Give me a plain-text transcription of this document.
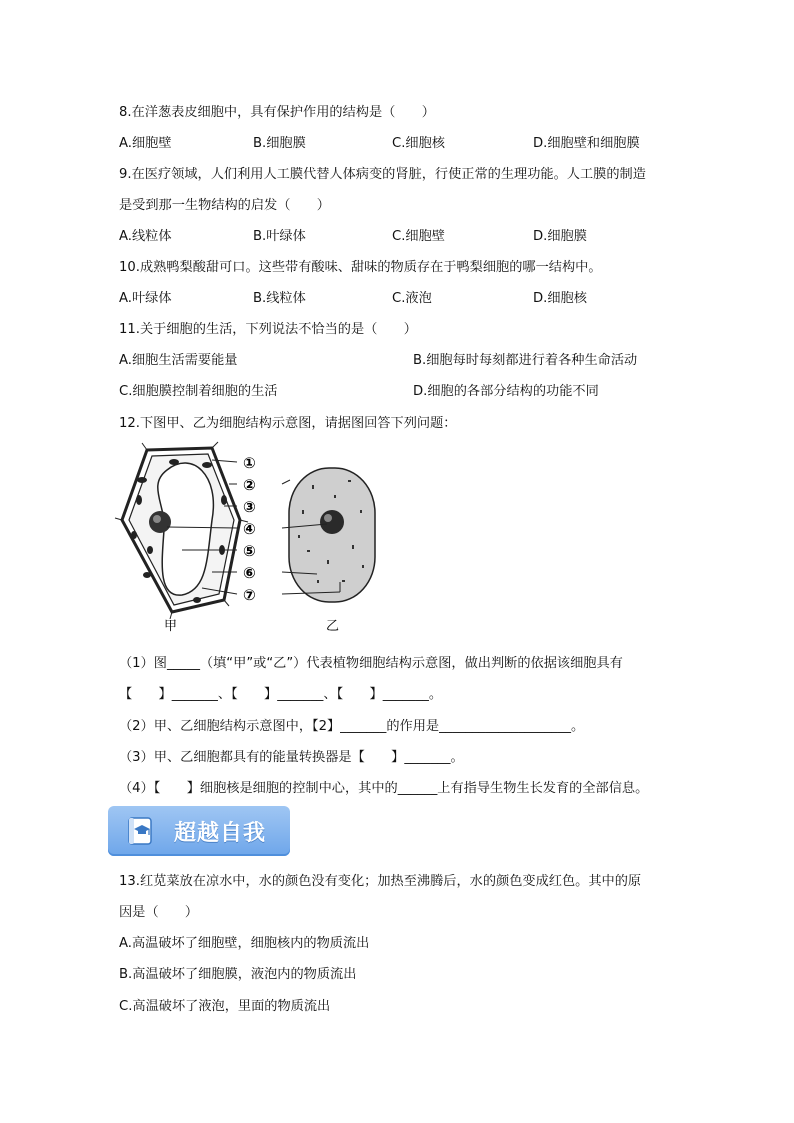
8.在洋葱表皮细胞中，具有保护作用的结构是（　　）
A.细胞壁	B.细胞膜	C.细胞核	D.细胞壁和细胞膜
9.在医疗领域，人们利用人工膜代替人体病变的肾脏，行使正常的生理功能。人工膜的制造
是受到那一生物结构的启发（　　）
A.线粒体	B.叶绿体	C.细胞壁	D.细胞膜
10.成熟鸭梨酸甜可口。这些带有酸味、甜味的物质存在于鸭梨细胞的哪一结构中。
A.叶绿体	B.线粒体	C.液泡	D.细胞核
11.关于细胞的生活，下列说法不恰当的是（　　）
A.细胞生活需要能量	B.细胞每时每刻都进行着各种生命活动
C.细胞膜控制着细胞的生活	D.细胞的各部分结构的功能不同
12.下图甲、乙为细胞结构示意图，请据图回答下列问题：
①
②
③
④
⑤
⑥
⑦
甲	乙
（1）图_____（填“甲”或“乙”）代表植物细胞结构示意图，做出判断的依据该细胞具有
【　　】_______、【　　】_______、【　　】_______。
（2）甲、乙细胞结构示意图中，【2】_______的作用是____________________。
（3）甲、乙细胞都具有的能量转换器是【　　】_______。
（4）【　　】细胞核是细胞的控制中心，其中的______上有指导生物生长发育的全部信息。
超越自我
13.红苋菜放在凉水中，水的颜色没有变化；加热至沸腾后，水的颜色变成红色。其中的原
因是（　　）
A.高温破坏了细胞壁，细胞核内的物质流出
B.高温破坏了细胞膜，液泡内的物质流出
C.高温破坏了液泡，里面的物质流出
